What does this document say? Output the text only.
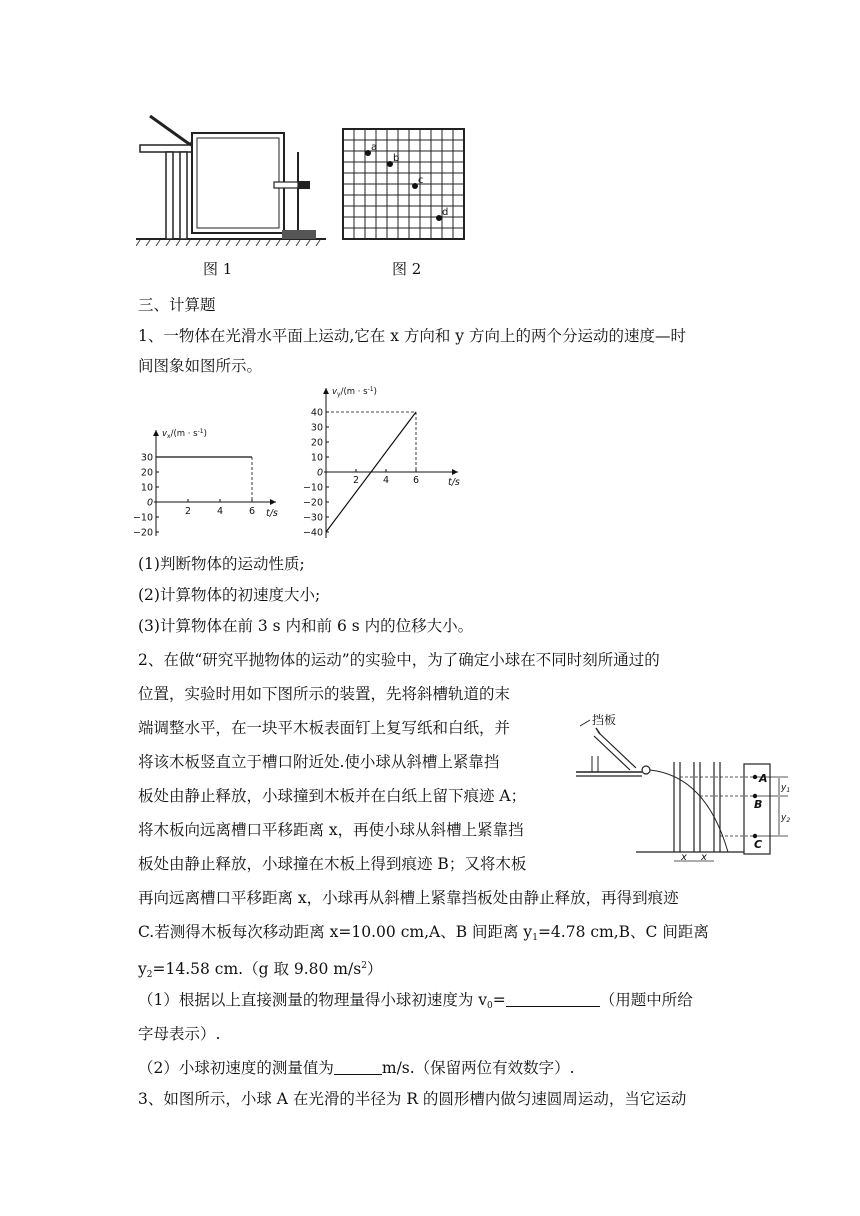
图 1
a
b
c
d
图 2
三、计算题
1、一物体在光滑水平面上运动,它在 x 方向和 y 方向上的两个分运动的速度—时
间图象如图所示。
30
20
10
0
−10
−20
2	4	6 t/s
$v_x/(m \cdot s^{-1})$
40
30
20
10
0
−10
−20
−30
−40
2	4	6	t/s
$v_y/(m \cdot s^{-1})$
(1)判断物体的运动性质;
(2)计算物体的初速度大小;
(3)计算物体在前 3 s 内和前 6 s 内的位移大小。
2、在做“研究平抛物体的运动”的实验中，为了确定小球在不同时刻所通过的
位置，实验时用如下图所示的装置，先将斜槽轨道的末
端调整水平，在一块平木板表面钉上复写纸和白纸，并
将该木板竖直立于槽口附近处.使小球从斜槽上紧靠挡
板处由静止释放，小球撞到木板并在白纸上留下痕迹 A；
将木板向远离槽口平移距离 x，再使小球从斜槽上紧靠挡
板处由静止释放，小球撞在木板上得到痕迹 B；又将木板
再向远离槽口平移距离 x，小球再从斜槽上紧靠挡板处由静止释放，再得到痕迹
C.若测得木板每次移动距离 x=10.00 cm,A、B 间距离 $y_1=4.78$ cm,B、C 间距离
$y_2=14.58$ cm.（g 取 9.80 $m/s^2$）
（1）根据以上直接测量的物理量得小球初速度为 $v_0=$	（用题中所给
字母表示）.
（2）小球初速度的测量值为	m/s.（保留两位有效数字）.
挡板
A
B
C
$y_1$
$y_2$
x x
3、如图所示，小球 A 在光滑的半径为 R 的圆形槽内做匀速圆周运动，当它运动
